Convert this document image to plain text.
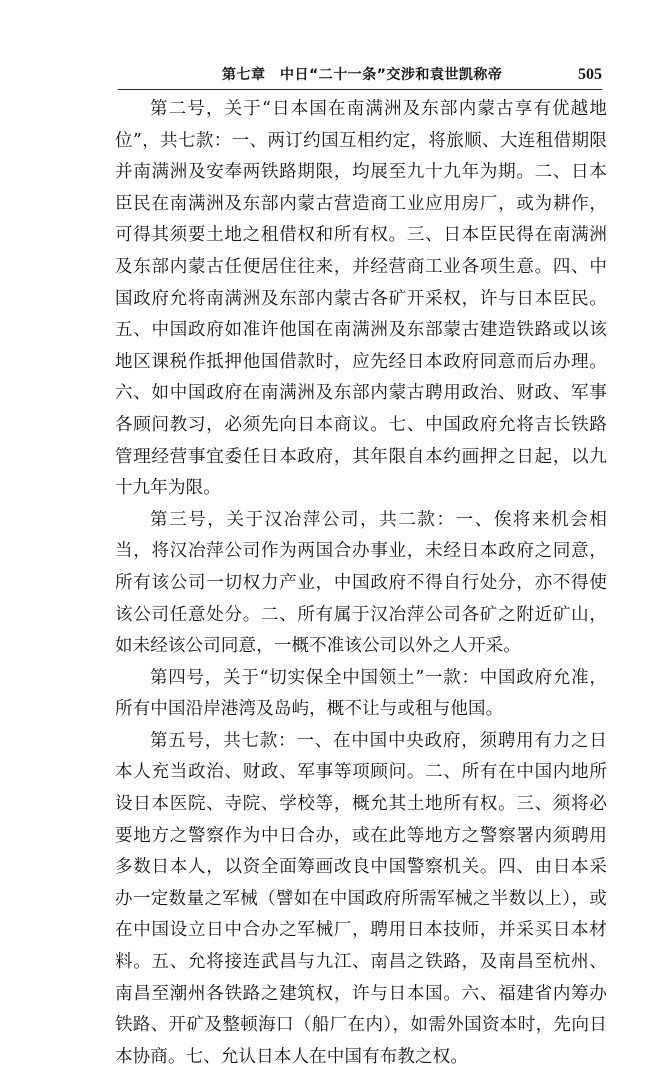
第七章　中日“二十一条”交涉和袁世凯称帝	505

第二号，关于“日本国在南满洲及东部内蒙古享有优越地位”，共七款：一、两订约国互相约定，将旅顺、大连租借期限并南满洲及安奉两铁路期限，均展至九十九年为期。二、日本臣民在南满洲及东部内蒙古营造商工业应用房厂，或为耕作，可得其须要土地之租借权和所有权。三、日本臣民得在南满洲及东部内蒙古任便居住往来，并经营商工业各项生意。四、中国政府允将南满洲及东部内蒙古各矿开采权，许与日本臣民。五、中国政府如准许他国在南满洲及东部蒙古建造铁路或以该地区课税作抵押他国借款时，应先经日本政府同意而后办理。六、如中国政府在南满洲及东部内蒙古聘用政治、财政、军事各顾问教习，必须先向日本商议。七、中国政府允将吉长铁路管理经营事宜委任日本政府，其年限自本约画押之日起，以九十九年为限。

第三号，关于汉冶萍公司，共二款：一、俟将来机会相当，将汉冶萍公司作为两国合办事业，未经日本政府之同意，所有该公司一切权力产业，中国政府不得自行处分，亦不得使该公司任意处分。二、所有属于汉冶萍公司各矿之附近矿山，如未经该公司同意，一概不准该公司以外之人开采。

第四号，关于“切实保全中国领土”一款：中国政府允准，所有中国沿岸港湾及岛屿，概不让与或租与他国。

第五号，共七款：一、在中国中央政府，须聘用有力之日本人充当政治、财政、军事等项顾问。二、所有在中国内地所设日本医院、寺院、学校等，概允其土地所有权。三、须将必要地方之警察作为中日合办，或在此等地方之警察署内须聘用多数日本人，以资全面筹画改良中国警察机关。四、由日本采办一定数量之军械（譬如在中国政府所需军械之半数以上），或在中国设立日中合办之军械厂，聘用日本技师，并采买日本材料。五、允将接连武昌与九江、南昌之铁路，及南昌至杭州、南昌至潮州各铁路之建筑权，许与日本国。六、福建省内筹办铁路、开矿及整顿海口（船厂在内），如需外国资本时，先向日本协商。七、允认日本人在中国有布教之权。
